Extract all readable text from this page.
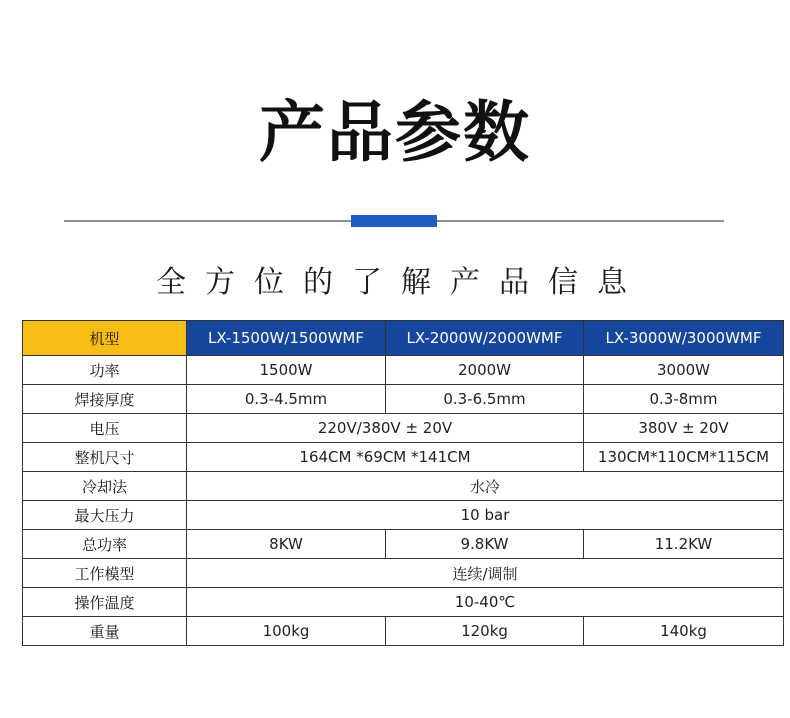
产品参数
全方位的了解产品信息
机型	LX-1500W/1500WMF	LX-2000W/2000WMF	LX-3000W/3000WMF
功率	1500W	2000W	3000W
焊接厚度	0.3-4.5mm	0.3-6.5mm	0.3-8mm
电压	220V/380V ± 20V		380V ± 20V
整机尺寸	164CM *69CM *141CM		130CM*110CM*115CM
冷却法	水冷		
最大压力	10 bar		
总功率	8KW	9.8KW	11.2KW
工作模型	连续/调制		
操作温度	10-40℃		
重量	100kg	120kg	140kg
